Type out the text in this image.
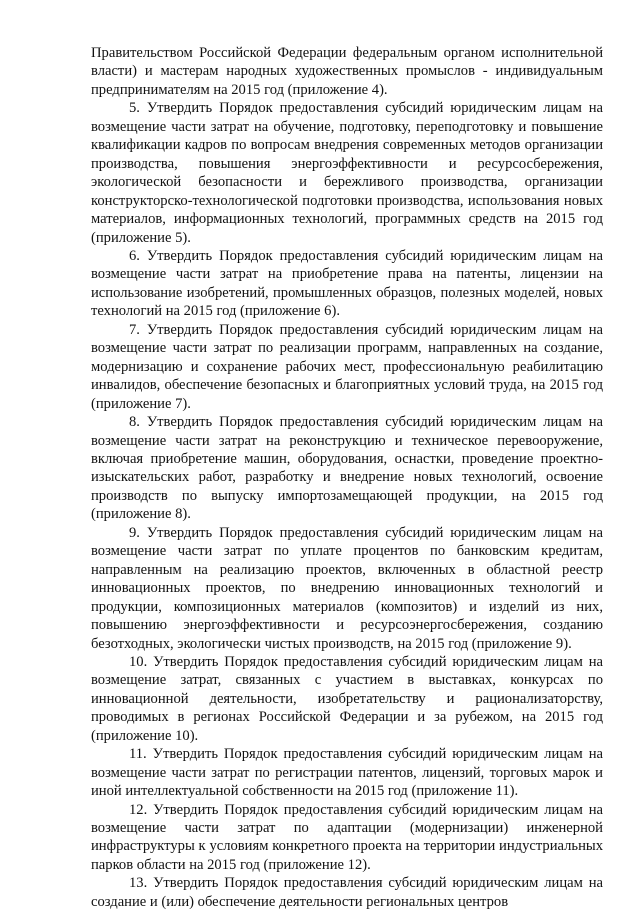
Правительством Российской Федерации федеральным органом исполнительной власти) и мастерам народных художественных промыслов - индивидуальным предпринимателям на 2015 год (приложение 4).

5. Утвердить Порядок предоставления субсидий юридическим лицам на возмещение части затрат на обучение, подготовку, переподготовку и повышение квалификации кадров по вопросам внедрения современных методов организации производства, повышения энергоэффективности и ресурсосбережения, экологической безопасности и бережливого производства, организации конструкторско-технологической подготовки производства, использования новых материалов, информационных технологий, программных средств на 2015 год (приложение 5).

6. Утвердить Порядок предоставления субсидий юридическим лицам на возмещение части затрат на приобретение права на патенты, лицензии на использование изобретений, промышленных образцов, полезных моделей, новых технологий на 2015 год (приложение 6).

7. Утвердить Порядок предоставления субсидий юридическим лицам на возмещение части затрат по реализации программ, направленных на создание, модернизацию и сохранение рабочих мест, профессиональную реабилитацию инвалидов, обеспечение безопасных и благоприятных условий труда, на 2015 год (приложение 7).

8. Утвердить Порядок предоставления субсидий юридическим лицам на возмещение части затрат на реконструкцию и техническое перевооружение, включая приобретение машин, оборудования, оснастки, проведение проектно-изыскательских работ, разработку и внедрение новых технологий, освоение производств по выпуску импортозамещающей продукции, на 2015 год (приложение 8).

9. Утвердить Порядок предоставления субсидий юридическим лицам на возмещение части затрат по уплате процентов по банковским кредитам, направленным на реализацию проектов, включенных в областной реестр инновационных проектов, по внедрению инновационных технологий и продукции, композиционных материалов (композитов) и изделий из них, повышению энергоэффективности и ресурсоэнергосбережения, созданию безотходных, экологически чистых производств, на 2015 год (приложение 9).

10. Утвердить Порядок предоставления субсидий юридическим лицам на возмещение затрат, связанных с участием в выставках, конкурсах по инновационной деятельности, изобретательству и рационализаторству, проводимых в регионах Российской Федерации и за рубежом, на 2015 год (приложение 10).

11. Утвердить Порядок предоставления субсидий юридическим лицам на возмещение части затрат по регистрации патентов, лицензий, торговых марок и иной интеллектуальной собственности на 2015 год (приложение 11).

12. Утвердить Порядок предоставления субсидий юридическим лицам на возмещение части затрат по адаптации (модернизации) инженерной инфраструктуры к условиям конкретного проекта на территории индустриальных парков области на 2015 год (приложение 12).

13. Утвердить Порядок предоставления субсидий юридическим лицам на создание и (или) обеспечение деятельности региональных центров
